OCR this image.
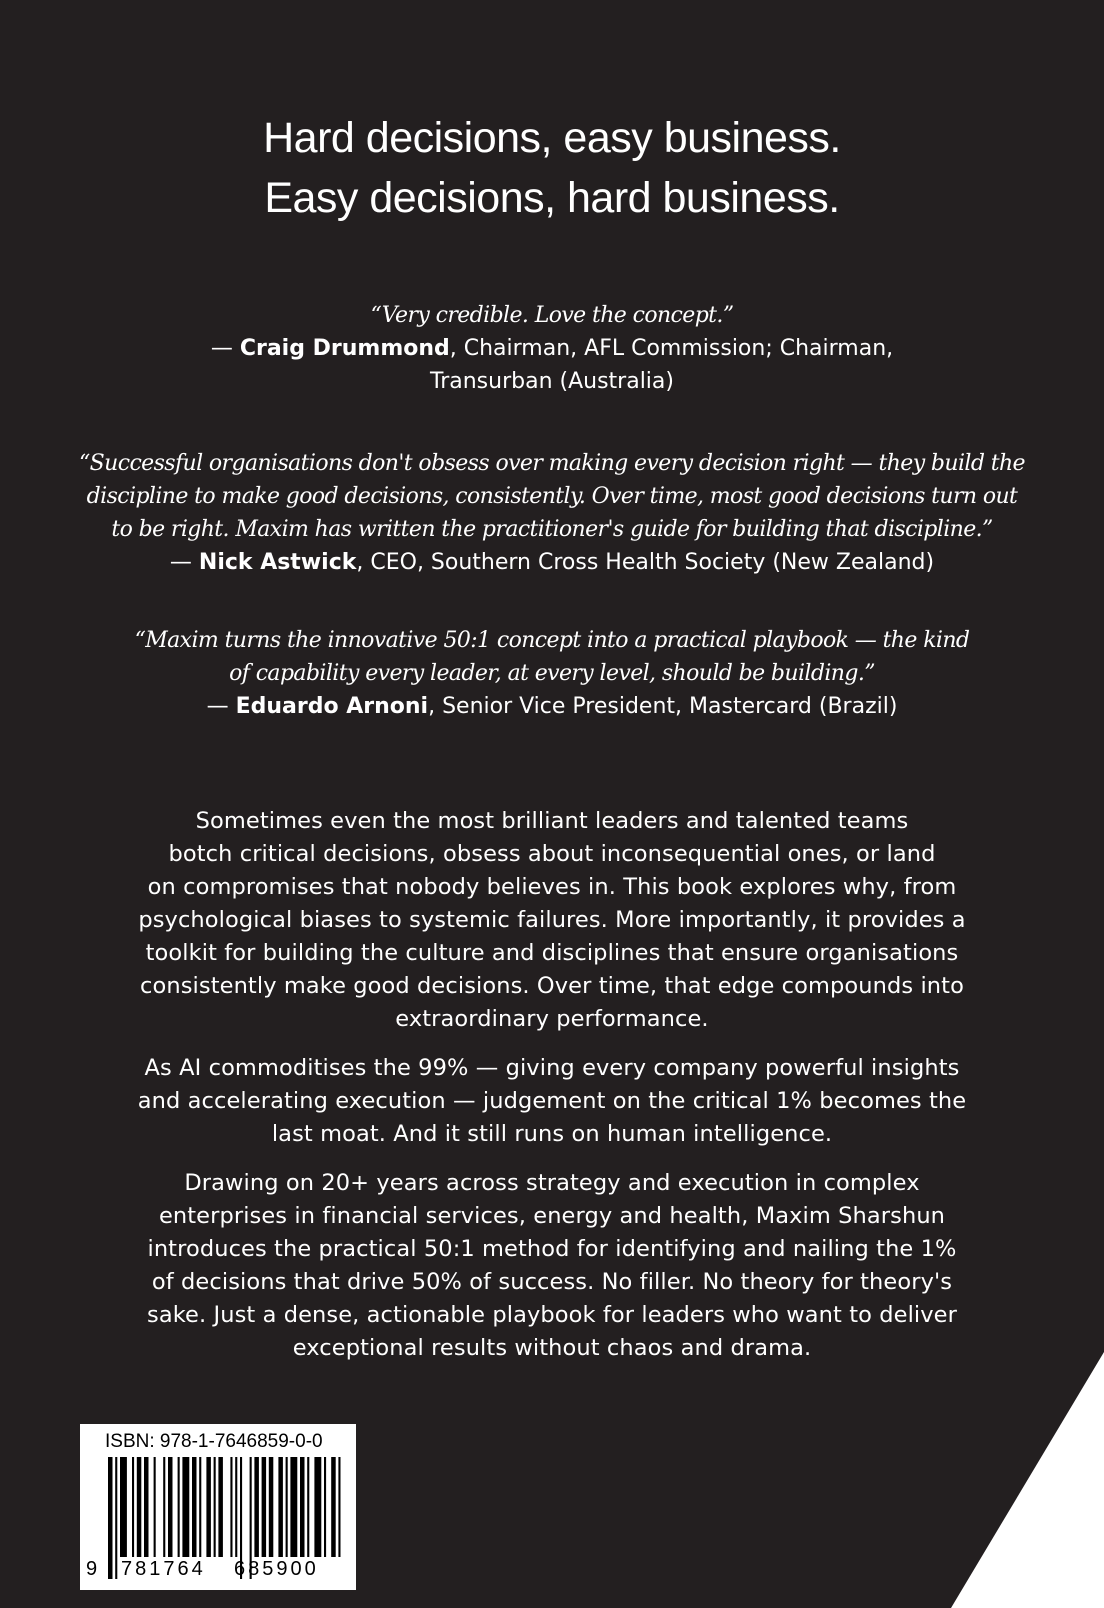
Hard decisions, easy business.
Easy decisions, hard business.
“Very credible. Love the concept.”
— Craig Drummond, Chairman, AFL Commission; Chairman,
Transurban (Australia)
“Successful organisations don't obsess over making every decision right — they build the
discipline to make good decisions, consistently. Over time, most good decisions turn out
to be right. Maxim has written the practitioner's guide for building that discipline.”
— Nick Astwick, CEO, Southern Cross Health Society (New Zealand)
“Maxim turns the innovative 50:1 concept into a practical playbook — the kind
of capability every leader, at every level, should be building.”
— Eduardo Arnoni, Senior Vice President, Mastercard (Brazil)
Sometimes even the most brilliant leaders and talented teams
botch critical decisions, obsess about inconsequential ones, or land
on compromises that nobody believes in. This book explores why, from
psychological biases to systemic failures. More importantly, it provides a
toolkit for building the culture and disciplines that ensure organisations
consistently make good decisions. Over time, that edge compounds into
extraordinary performance.
As AI commoditises the 99% — giving every company powerful insights
and accelerating execution — judgement on the critical 1% becomes the
last moat. And it still runs on human intelligence.
Drawing on 20+ years across strategy and execution in complex
enterprises in financial services, energy and health, Maxim Sharshun
introduces the practical 50:1 method for identifying and nailing the 1%
of decisions that drive 50% of success. No filler. No theory for theory's
sake. Just a dense, actionable playbook for leaders who want to deliver
exceptional results without chaos and drama.
ISBN: 978-1-7646859-0-0
9 781764 685900
